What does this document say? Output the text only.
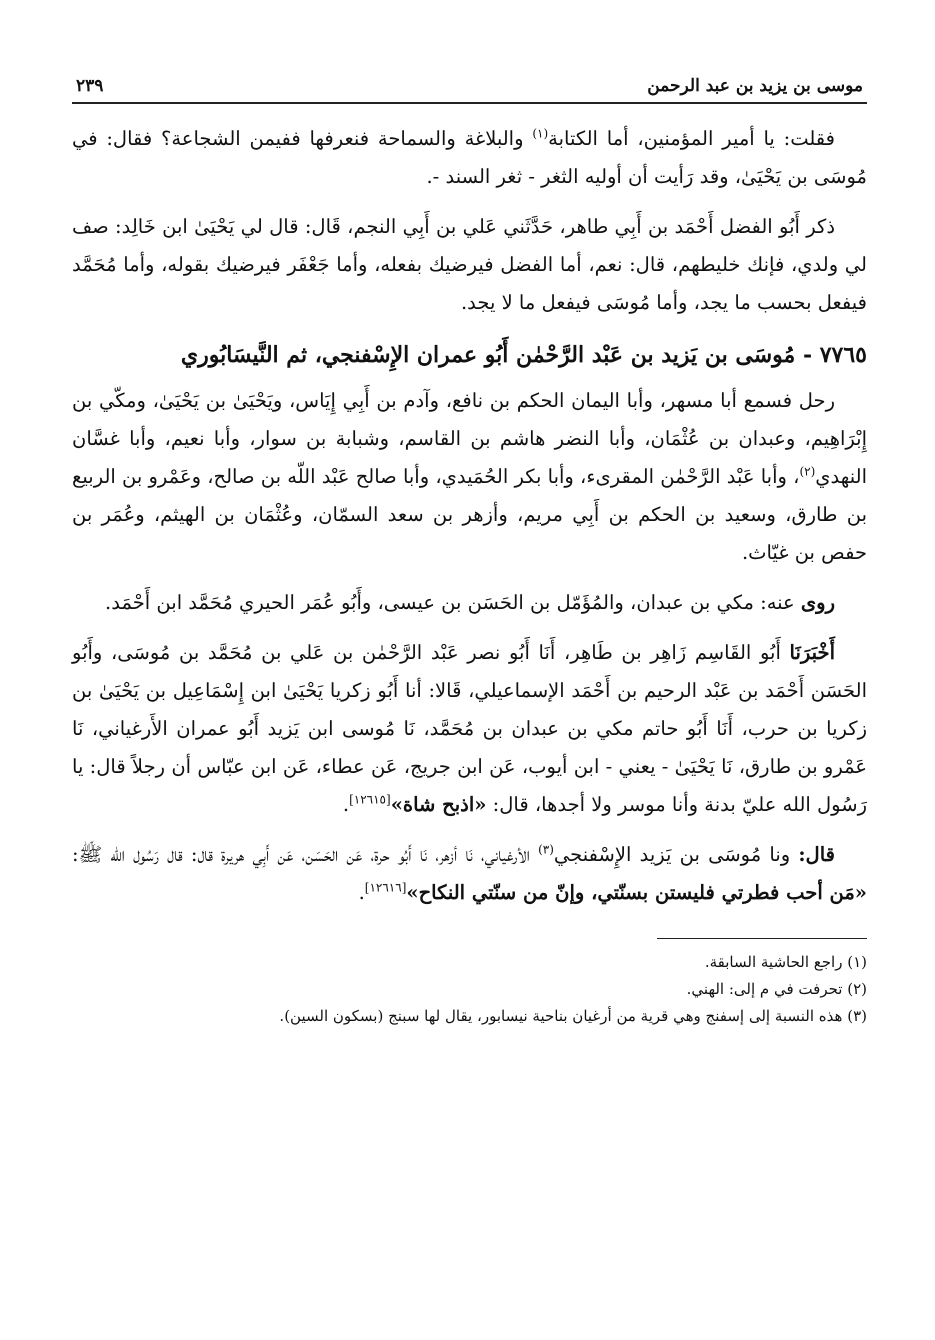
موسى بن يزيد بن عبد الرحمن
٢٣٩

فقلت: يا أمير المؤمنين، أما الكتابة$^{(١)}$ والبلاغة والسماحة فنعرفها ففيمن الشجاعة؟ فقال: في مُوسَى بن يَحْيَىٰ، وقد رَأيت أن أوليه الثغر - ثغر السند -.

ذكر أَبُو الفضل أَحْمَد بن أَبِي طاهر، حَدَّثَني عَلي بن أَبِي النجم، قَال: قال لي يَحْيَىٰ ابن خَالِد: صف لي ولدي، فإنك خليطهم، قال: نعم، أما الفضل فيرضيك بفعله، وأما جَعْفَر فيرضيك بقوله، وأما مُحَمَّد فيفعل بحسب ما يجد، وأما مُوسَى فيفعل ما لا يجد.

٧٧٦٥ - مُوسَى بن يَزيد بن عَبْد الرَّحْمٰن أَبُو عمران الإِسْفنجي، ثم النَّيسَابُوري

رحل فسمع أبا مسهر، وأبا اليمان الحكم بن نافع، وآدم بن أَبِي إِيَاس، ويَحْيَىٰ بن يَحْيَىٰ، ومكّي بن إِبْرَاهِيم، وعبدان بن عُثْمَان، وأبا النضر هاشم بن القاسم، وشبابة بن سوار، وأبا نعيم، وأبا غسَّان النهدي$^{(٢)}$، وأبا عَبْد الرَّحْمٰن المقرىء، وأبا بكر الحُمَيدي، وأبا صالح عَبْد اللّه بن صالح، وعَمْرو بن الربيع بن طارق، وسعيد بن الحكم بن أَبِي مريم، وأزهر بن سعد السمّان، وعُثْمَان بن الهيثم، وعُمَر بن حفص بن غيّاث.

روى عنه: مكي بن عبدان، والمُؤَمّل بن الحَسَن بن عيسى، وأَبُو عُمَر الحيري مُحَمَّد ابن أَحْمَد.

أَخْبَرَنَا أَبُو القَاسِم زَاهِر بن طَاهِر، أَنَا أَبُو نصر عَبْد الرَّحْمٰن بن عَلي بن مُحَمَّد بن مُوسَى، وأَبُو الحَسَن أَحْمَد بن عَبْد الرحيم بن أَحْمَد الإسماعيلي، قَالا: أنا أَبُو زكريا يَحْيَىٰ ابن إِسْمَاعِيل بن يَحْيَىٰ بن زكريا بن حرب، أَنَا أَبُو حاتم مكي بن عبدان بن مُحَمَّد، نَا مُوسى ابن يَزيد أَبُو عمران الأَرغياني، نَا عَمْرو بن طارق، نَا يَحْيَىٰ - يعني - ابن أيوب، عَن ابن جريج، عَن عطاء، عَن ابن عبّاس أن رجلاً قال: يا رَسُول الله عليّ بدنة وأنا موسر ولا أجدها، قال: «اذبح شاة»[١٢٦١٥].

قال: ونا مُوسَى بن يَزيد الإِسْفنجي$^{(٣)}$ الأرغياني، نَا أزهر، نَا أَبُو حرة، عَن الحَسَن، عَن أَبِي هريرة قال: قال رَسُول الله ﷺ: «مَن أحب فطرتي فليستن بسنّتي، وإنّ من سنّتي النكاح»[١٢٦١٦].

(١) راجع الحاشية السابقة.
(٢) تحرفت في م إلى: الهني.
(٣) هذه النسبة إلى إسفنج وهي قرية من أرغيان بناحية نيسابور، يقال لها سبنج (بسكون السين).
